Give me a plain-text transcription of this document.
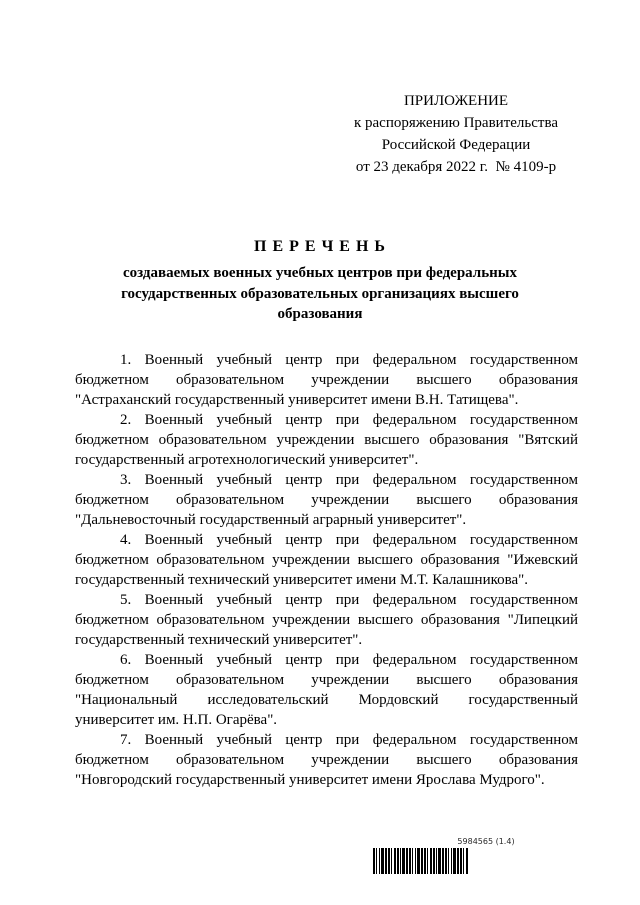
ПРИЛОЖЕНИЕ
к распоряжению Правительства
Российской Федерации
от 23 декабря 2022 г.  № 4109-р
П Е Р Е Ч Е Н Ь
создаваемых военных учебных центров при федеральных государственных образовательных организациях высшего образования

1. Военный учебный центр при федеральном государственном бюджетном образовательном учреждении высшего образования "Астраханский государственный университет имени В.Н. Татищева".

2. Военный учебный центр при федеральном государственном бюджетном образовательном учреждении высшего образования "Вятский государственный агротехнологический университет".

3. Военный учебный центр при федеральном государственном бюджетном образовательном учреждении высшего образования "Дальневосточный государственный аграрный университет".

4. Военный учебный центр при федеральном государственном бюджетном образовательном учреждении высшего образования "Ижевский государственный технический университет имени М.Т. Калашникова".

5. Военный учебный центр при федеральном государственном бюджетном образовательном учреждении высшего образования "Липецкий государственный технический университет".

6. Военный учебный центр при федеральном государственном бюджетном образовательном учреждении высшего образования "Национальный исследовательский Мордовский государственный университет им. Н.П. Огарёва".

7. Военный учебный центр при федеральном государственном бюджетном образовательном учреждении высшего образования "Новгородский государственный университет имени Ярослава Мудрого".

5984565 (1.4)
